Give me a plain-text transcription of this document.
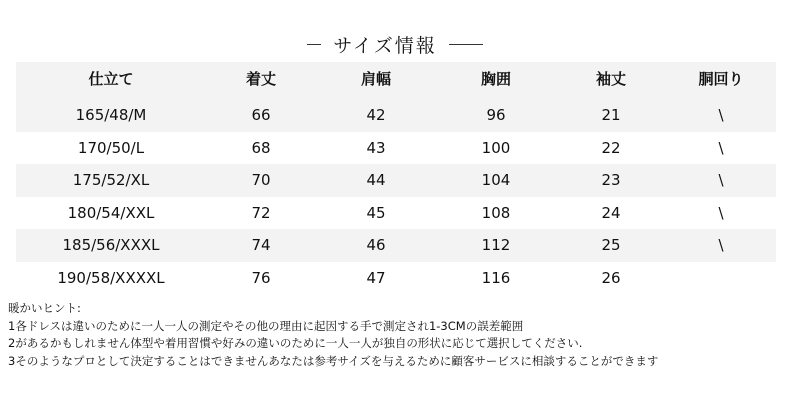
サイズ情報
仕立て	着丈	肩幅	胸囲	袖丈	胴回り
165/48/M	66	42	96	21	\
170/50/L	68	43	100	22	\
175/52/XL	70	44	104	23	\
180/54/XXL	72	45	108	24	\
185/56/XXXL	74	46	112	25	\
190/58/XXXXL	76	47	116	26	
暖かいヒント:
1各ドレスは違いのために一人一人の測定やその他の理由に起因する手で測定され1-3CMの誤差範囲
2があるかもしれません体型や着用習慣や好みの違いのために一人一人が独自の形状に応じて選択してください.
3そのようなプロとして決定することはできませんあなたは参考サイズを与えるために顧客サービスに相談することができます
